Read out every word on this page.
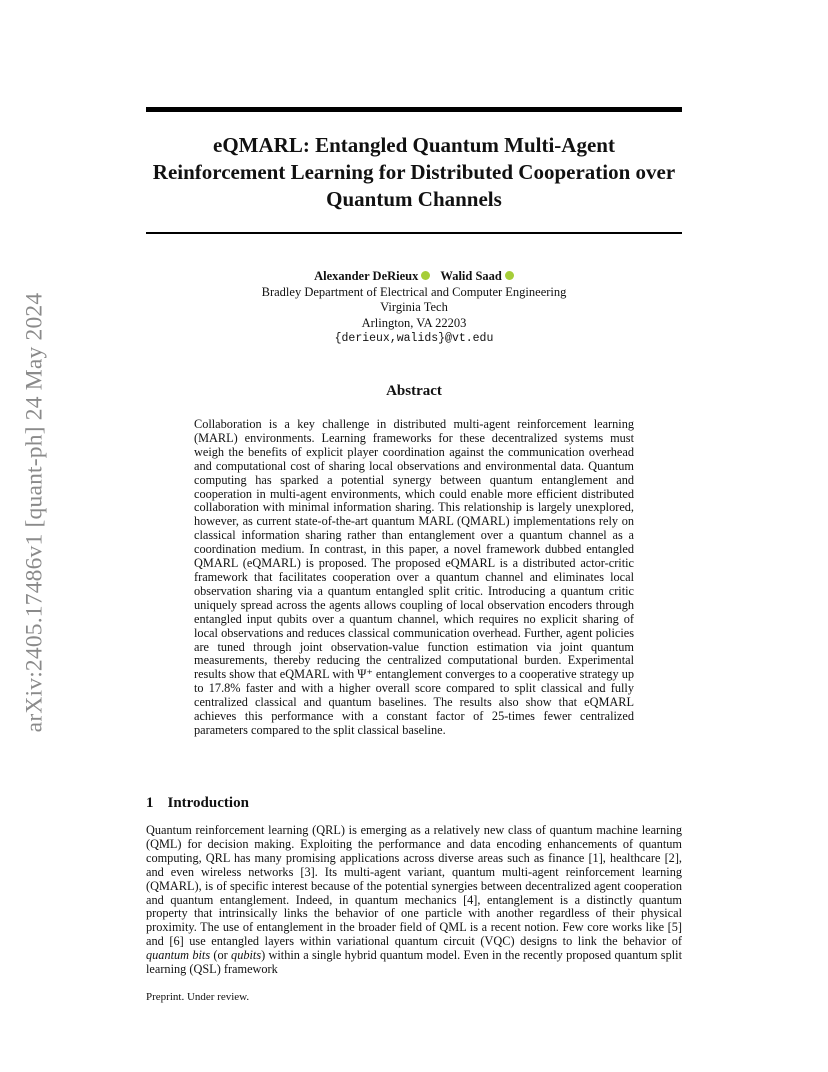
arXiv:2405.17486v1 [quant-ph] 24 May 2024
eQMARL: Entangled Quantum Multi-Agent Reinforcement Learning for Distributed Cooperation over Quantum Channels
Alexander DeRieux Walid Saad
Bradley Department of Electrical and Computer Engineering
Virginia Tech
Arlington, VA 22203
{derieux,walids}@vt.edu
Abstract

Collaboration is a key challenge in distributed multi-agent reinforcement learning (MARL) environments. Learning frameworks for these decentralized systems must weigh the benefits of explicit player coordination against the communication overhead and computational cost of sharing local observations and environmental data. Quantum computing has sparked a potential synergy between quantum entanglement and cooperation in multi-agent environments, which could enable more efficient distributed collaboration with minimal information sharing. This relationship is largely unexplored, however, as current state-of-the-art quantum MARL (QMARL) implementations rely on classical information sharing rather than entanglement over a quantum channel as a coordination medium. In contrast, in this paper, a novel framework dubbed entangled QMARL (eQMARL) is proposed. The proposed eQMARL is a distributed actor-critic framework that facilitates cooperation over a quantum channel and eliminates local observation sharing via a quantum entangled split critic. Introducing a quantum critic uniquely spread across the agents allows coupling of local observation encoders through entangled input qubits over a quantum channel, which requires no explicit sharing of local observations and reduces classical communication overhead. Further, agent policies are tuned through joint observation-value function estimation via joint quantum measurements, thereby reducing the centralized computational burden. Experimental results show that eQMARL with Ψ⁺ entanglement converges to a cooperative strategy up to 17.8% faster and with a higher overall score compared to split classical and fully centralized classical and quantum baselines. The results also show that eQMARL achieves this performance with a constant factor of 25-times fewer centralized parameters compared to the split classical baseline.

1 Introduction

Quantum reinforcement learning (QRL) is emerging as a relatively new class of quantum machine learning (QML) for decision making. Exploiting the performance and data encoding enhancements of quantum computing, QRL has many promising applications across diverse areas such as finance [1], healthcare [2], and even wireless networks [3]. Its multi-agent variant, quantum multi-agent reinforcement learning (QMARL), is of specific interest because of the potential synergies between decentralized agent cooperation and quantum entanglement. Indeed, in quantum mechanics [4], entanglement is a distinctly quantum property that intrinsically links the behavior of one particle with another regardless of their physical proximity. The use of entanglement in the broader field of QML is a recent notion. Few core works like [5] and [6] use entangled layers within variational quantum circuit (VQC) designs to link the behavior of quantum bits (or qubits) within a single hybrid quantum model. Even in the recently proposed quantum split learning (QSL) framework

Preprint. Under review.
